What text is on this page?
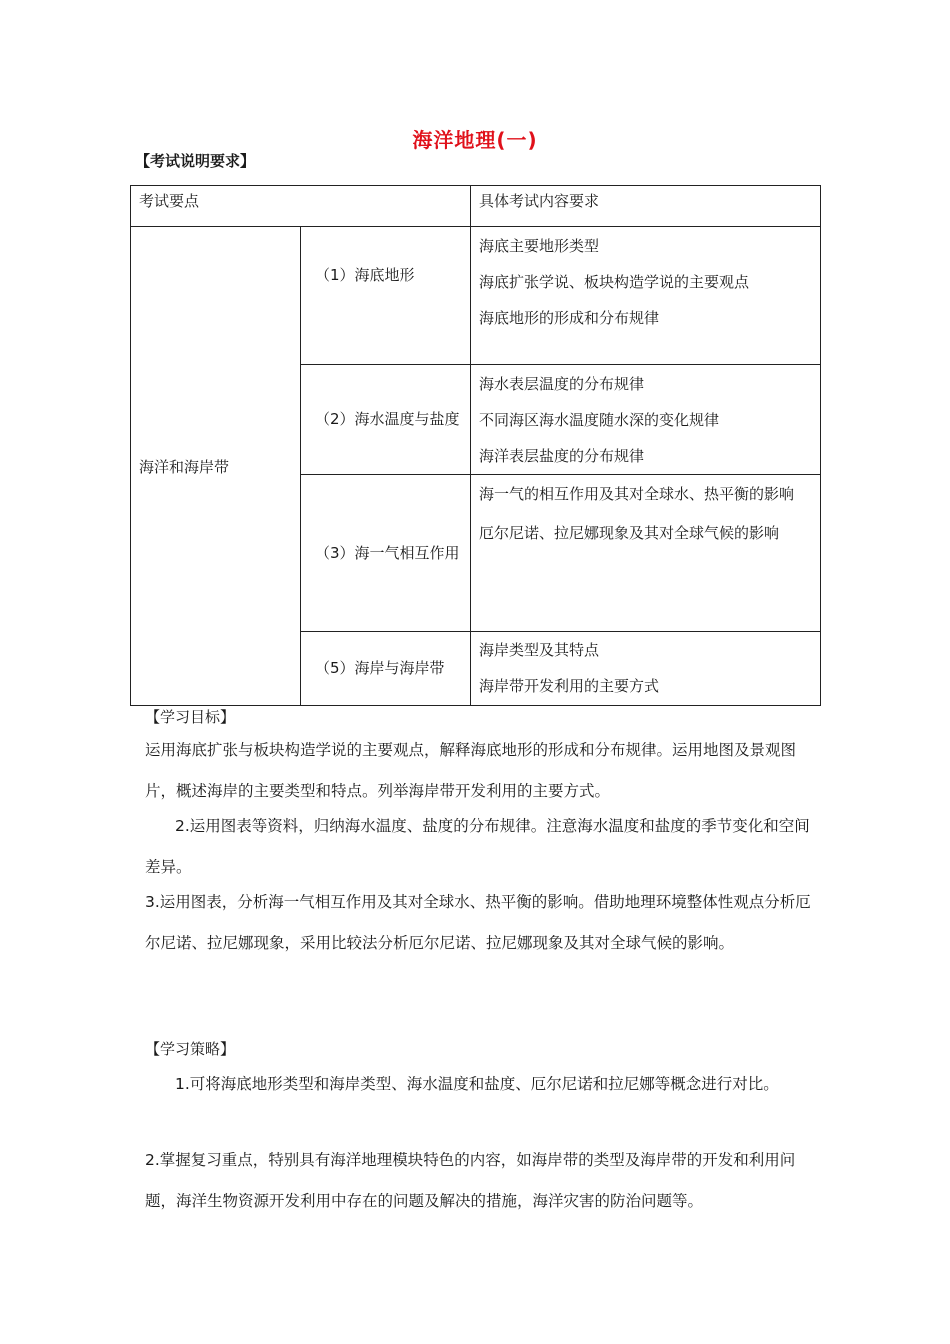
海洋地理(一)
【考试说明要求】
考试要点		具体考试内容要求
海洋和海岸带	（1）海底地形	海底主要地形类型
海底扩张学说、板块构造学说的主要观点
海底地形的形成和分布规律

	（2）海水温度与盐度	海水表层温度的分布规律
不同海区海水温度随水深的变化规律
海洋表层盐度的分布规律

	（3）海一气相互作用	海一气的相互作用及其对全球水、热平衡的影响
厄尔尼诺、拉尼娜现象及其对全球气候的影响

	（5）海岸与海岸带	海岸类型及其特点
海岸带开发利用的主要方式
【学习目标】
运用海底扩张与板块构造学说的主要观点，解释海底地形的形成和分布规律。运用地图及景观图片，概述海岸的主要类型和特点。列举海岸带开发利用的主要方式。
2.运用图表等资料，归纳海水温度、盐度的分布规律。注意海水温度和盐度的季节变化和空间差异。
3.运用图表，分析海一气相互作用及其对全球水、热平衡的影响。借助地理环境整体性观点分析厄尔尼诺、拉尼娜现象，采用比较法分析厄尔尼诺、拉尼娜现象及其对全球气候的影响。
【学习策略】
1.可将海底地形类型和海岸类型、海水温度和盐度、厄尔尼诺和拉尼娜等概念进行对比。
2.掌握复习重点，特别具有海洋地理模块特色的内容，如海岸带的类型及海岸带的开发和利用问题，海洋生物资源开发利用中存在的问题及解决的措施，海洋灾害的防治问题等。
